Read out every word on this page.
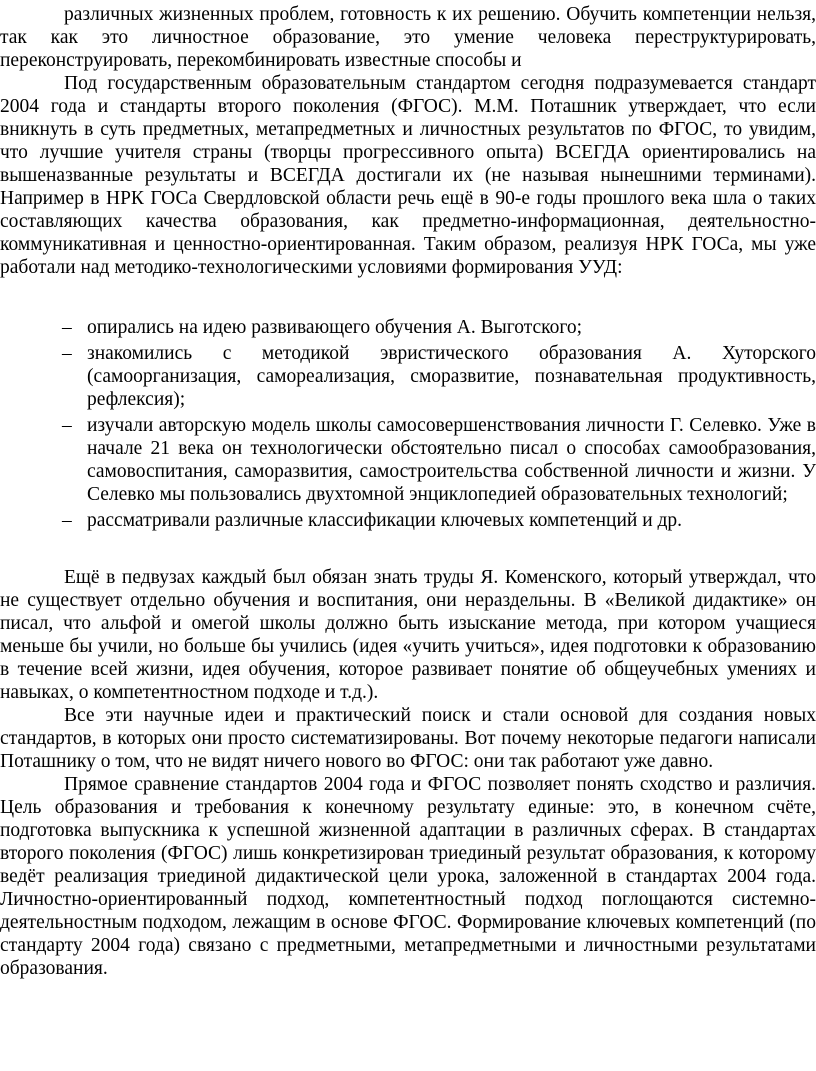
различных жизненных проблем, готовность к их решению. Обучить компетенции нельзя, так как это личностное образование, это умение человека переструктурировать, переконструировать, перекомбинировать известные способы и

Под государственным образовательным стандартом сегодня подразумевается стандарт 2004 года и стандарты второго поколения (ФГОС). М.М. Поташник утверждает, что если вникнуть в суть предметных, метапредметных и личностных результатов по ФГОС, то увидим, что лучшие учителя страны (творцы прогрессивного опыта) ВСЕГДА ориентировались на вышеназванные результаты и ВСЕГДА достигали их (не называя нынешними терминами). Например в НРК ГОСа Свердловской области речь ещё в 90-е годы прошлого века шла о таких составляющих качества образования, как предметно-информационная, деятельностно-коммуникативная и ценностно-ориентированная. Таким образом, реализуя НРК ГОСа, мы уже работали над методико-технологическими условиями формирования УУД:

– опирались на идею развивающего обучения А. Выготского;
– знакомились с методикой эвристического образования А. Хуторского (самоорганизация, самореализация, сморазвитие, познавательная продуктивность, рефлексия);
– изучали авторскую модель школы самосовершенствования личности Г. Селевко. Уже в начале 21 века он технологически обстоятельно писал о способах самообразования, самовоспитания, саморазвития, самостроительства собственной личности и жизни. У Селевко мы пользовались двухтомной энциклопедией образовательных технологий;
– рассматривали различные классификации ключевых компетенций и др.

Ещё в педвузах каждый был обязан знать труды Я. Коменского, который утверждал, что не существует отдельно обучения и воспитания, они нераздельны. В «Великой дидактике» он писал, что альфой и омегой школы должно быть изыскание метода, при котором учащиеся меньше бы учили, но больше бы учились (идея «учить учиться», идея подготовки к образованию в течение всей жизни, идея обучения, которое развивает понятие об общеучебных умениях и навыках, о компетентностном подходе и т.д.).

Все эти научные идеи и практический поиск и стали основой для создания новых стандартов, в которых они просто систематизированы. Вот почему некоторые педагоги написали Поташнику о том, что не видят ничего нового во ФГОС: они так работают уже давно.

Прямое сравнение стандартов 2004 года и ФГОС позволяет понять сходство и различия. Цель образования и требования к конечному результату единые: это, в конечном счёте, подготовка выпускника к успешной жизненной адаптации в различных сферах. В стандартах второго поколения (ФГОС) лишь конкретизирован триединый результат образования, к которому ведёт реализация триединой дидактической цели урока, заложенной в стандартах 2004 года. Личностно-ориентированный подход, компетентностный подход поглощаются системно-деятельностным подходом, лежащим в основе ФГОС. Формирование ключевых компетенций (по стандарту 2004 года) связано с предметными, метапредметными и личностными результатами образования.
